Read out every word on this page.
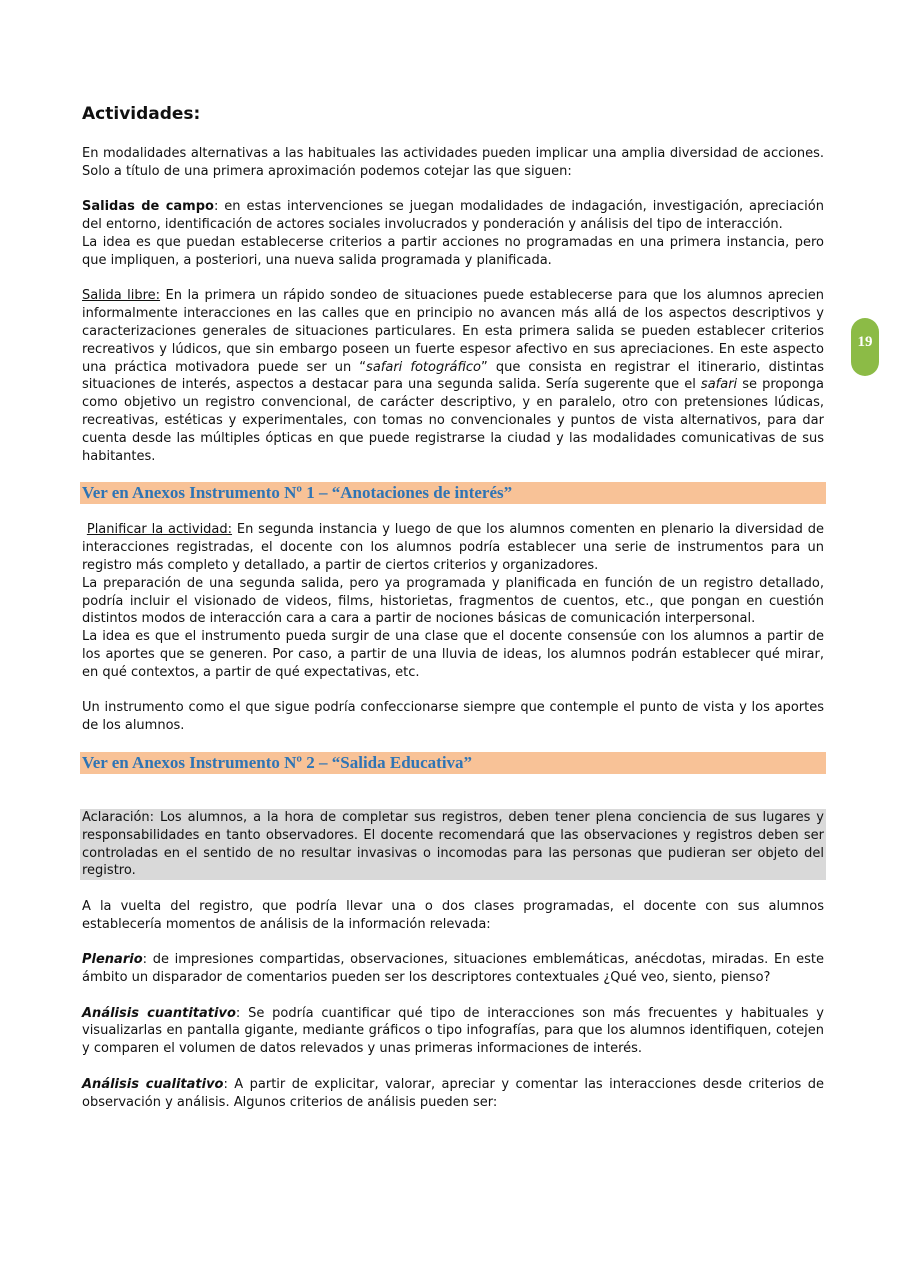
19
Actividades:

En modalidades alternativas a las habituales las actividades pueden implicar una amplia diversidad de acciones. Solo a título de una primera aproximación podemos cotejar las que siguen:

Salidas de campo: en estas intervenciones se juegan modalidades de indagación, investigación, apreciación del entorno, identificación de actores sociales involucrados y ponderación y análisis del tipo de interacción.

La idea es que puedan establecerse criterios a partir acciones no programadas en una primera instancia, pero que impliquen, a posteriori, una nueva salida programada y planificada.

Salida libre: En la primera un rápido sondeo de situaciones puede establecerse para que los alumnos aprecien informalmente interacciones en las calles que en principio no avancen más allá de los aspectos descriptivos y caracterizaciones generales de situaciones particulares. En esta primera salida se pueden establecer criterios recreativos y lúdicos, que sin embargo poseen un fuerte espesor afectivo en sus apreciaciones. En este aspecto una práctica motivadora puede ser un “safari fotográfico” que consista en registrar el itinerario, distintas situaciones de interés, aspectos a destacar para una segunda salida. Sería sugerente que el safari se proponga como objetivo un registro convencional, de carácter descriptivo, y en paralelo, otro con pretensiones lúdicas, recreativas, estéticas y experimentales, con tomas no convencionales y puntos de vista alternativos, para dar cuenta desde las múltiples ópticas en que puede registrarse la ciudad y las modalidades comunicativas de sus habitantes.

Ver en Anexos Instrumento Nº 1 – “Anotaciones de interés”

Planificar la actividad: En segunda instancia y luego de que los alumnos comenten en plenario la diversidad de interacciones registradas, el docente con los alumnos podría establecer una serie de instrumentos para un registro más completo y detallado, a partir de ciertos criterios y organizadores.

La preparación de una segunda salida, pero ya programada y planificada en función de un registro detallado, podría incluir el visionado de videos, films, historietas, fragmentos de cuentos, etc., que pongan en cuestión distintos modos de interacción cara a cara a partir de nociones básicas de comunicación interpersonal.

La idea es que el instrumento pueda surgir de una clase que el docente consensúe con los alumnos a partir de los aportes que se generen. Por caso, a partir de una lluvia de ideas, los alumnos podrán establecer qué mirar, en qué contextos, a partir de qué expectativas, etc.

Un instrumento como el que sigue podría confeccionarse siempre que contemple el punto de vista y los aportes de los alumnos.

Ver en Anexos Instrumento Nº 2 – “Salida Educativa”

Aclaración: Los alumnos, a la hora de completar sus registros, deben tener plena conciencia de sus lugares y responsabilidades en tanto observadores. El docente recomendará que las observaciones y registros deben ser controladas en el sentido de no resultar invasivas o incomodas para las personas que pudieran ser objeto del registro.

A la vuelta del registro, que podría llevar una o dos clases programadas, el docente con sus alumnos establecería momentos de análisis de la información relevada:

Plenario: de impresiones compartidas, observaciones, situaciones emblemáticas, anécdotas, miradas. En este ámbito un disparador de comentarios pueden ser los descriptores contextuales ¿Qué veo, siento, pienso?

Análisis cuantitativo: Se podría cuantificar qué tipo de interacciones son más frecuentes y habituales y visualizarlas en pantalla gigante, mediante gráficos o tipo infografías, para que los alumnos identifiquen, cotejen y comparen el volumen de datos relevados y unas primeras informaciones de interés.

Análisis cualitativo: A partir de explicitar, valorar, apreciar y comentar las interacciones desde criterios de observación y análisis. Algunos criterios de análisis pueden ser:
